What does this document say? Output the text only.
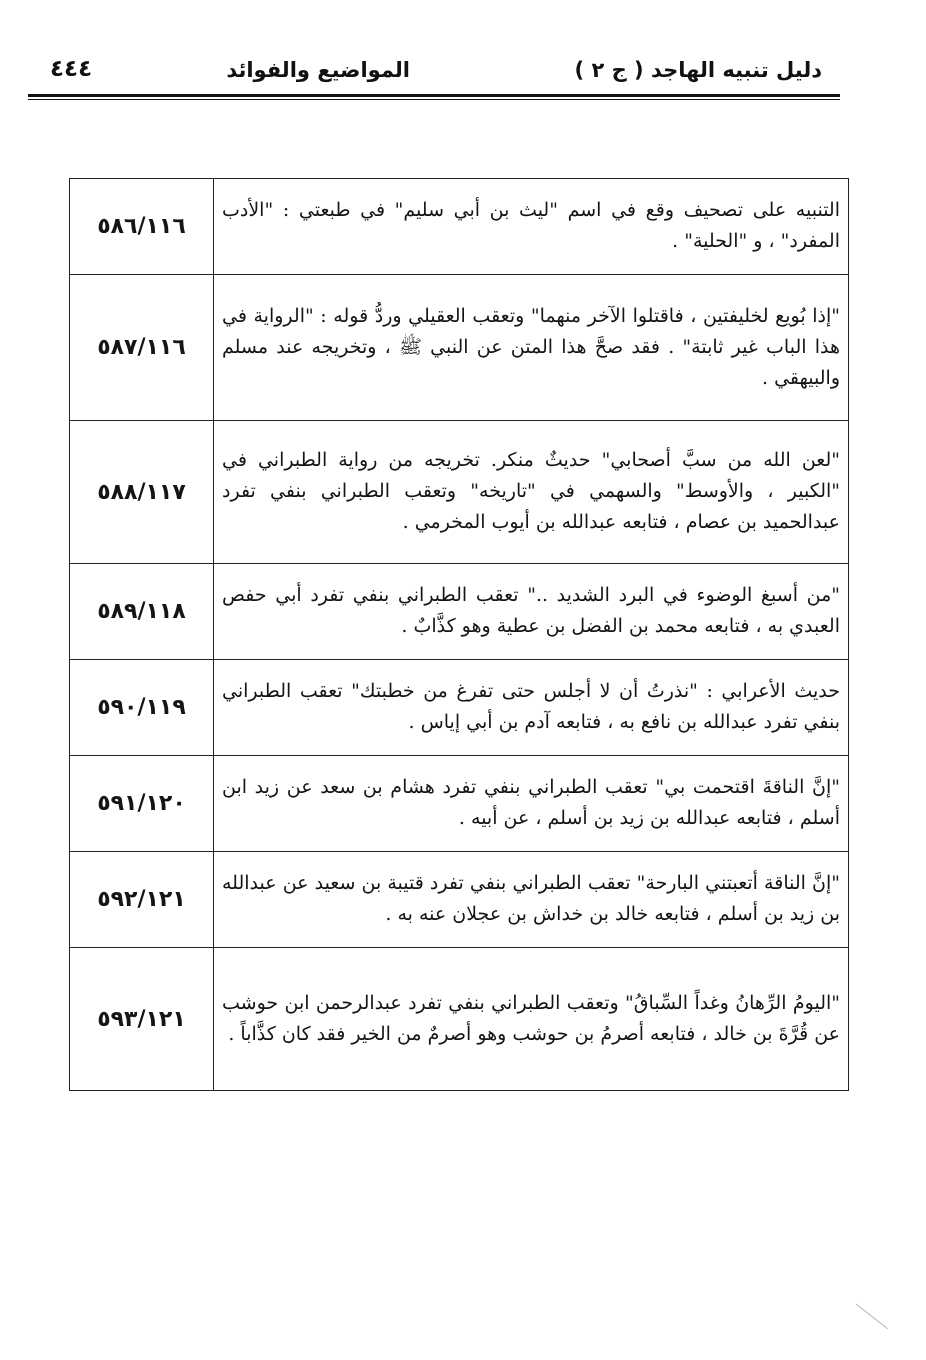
دليل تنبيه الهاجد ( ج ٢ )
المواضيع والفوائد
٤٤٤
التنبيه على تصحيف وقع في اسم "ليث بن أبي سليم" في طبعتي : "الأدب المفرد" ، و "الحلية" .	٥٨٦/١١٦
"إذا بُويع لخليفتين ، فاقتلوا الآخر منهما" وتعقب العقيلي وردُّ قوله : "الرواية في هذا الباب غير ثابتة" . فقد صحَّ هذا المتن عن النبي ﷺ ، وتخريجه عند مسلم والبيهقي .	٥٨٧/١١٦
"لعن الله من سبَّ أصحابي" حديثٌ منكر. تخريجه من رواية الطبراني في "الكبير ، والأوسط" والسهمي في "تاريخه" وتعقب الطبراني بنفي تفرد عبدالحميد بن عصام ، فتابعه عبدالله بن أيوب المخرمي .	٥٨٨/١١٧
"من أسبغ الوضوء في البرد الشديد .." تعقب الطبراني بنفي تفرد أبي حفص العبدي به ، فتابعه محمد بن الفضل بن عطية وهو كذَّابٌ .	٥٨٩/١١٨
حديث الأعرابي : "نذرتُ أن لا أجلس حتى تفرغ من خطبتك" تعقب الطبراني بنفي تفرد عبدالله بن نافع به ، فتابعه آدم بن أبي إياس .	٥٩٠/١١٩
"إنَّ الناقةَ اقتحمت بي" تعقب الطبراني بنفي تفرد هشام بن سعد عن زيد ابن أسلم ، فتابعه عبدالله بن زيد بن أسلم ، عن أبيه .	٥٩١/١٢٠
"إنَّ الناقة أتعبتني البارحة" تعقب الطبراني بنفي تفرد قتيبة بن سعيد عن عبدالله بن زيد بن أسلم ، فتابعه خالد بن خداش بن عجلان عنه به .	٥٩٢/١٢١
"اليومُ الرِّهانُ وغداً السِّباقُ" وتعقب الطبراني بنفي تفرد عبدالرحمن ابن حوشب عن قُرَّةَ بن خالد ، فتابعه أصرمُ بن حوشب وهو أصرمٌ من الخير فقد كان كذَّاباً .	٥٩٣/١٢١
